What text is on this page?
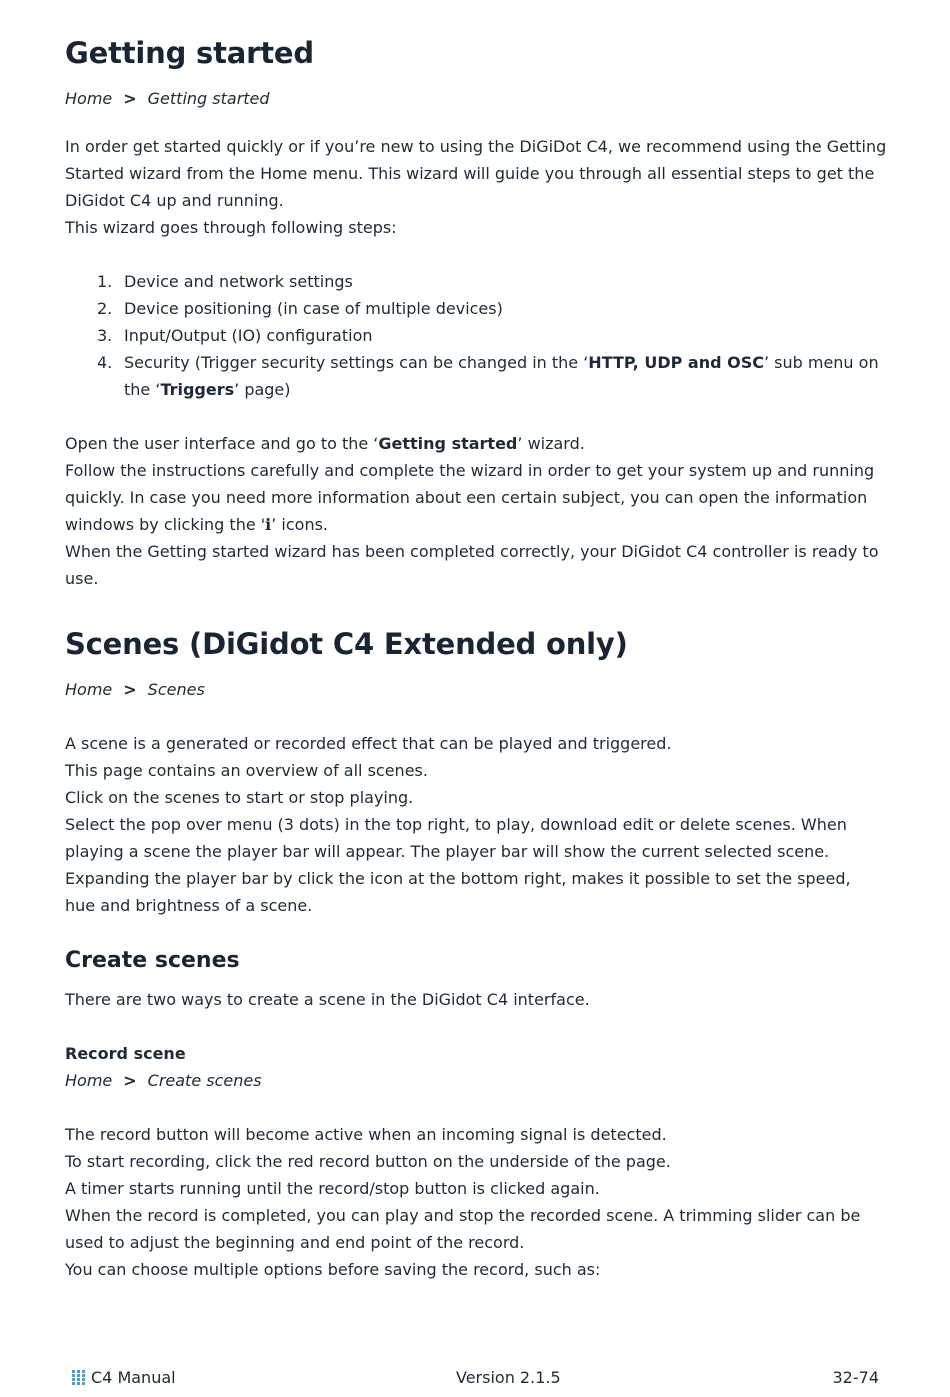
Getting started
Home > Getting started
In order get started quickly or if you’re new to using the DiGiDot C4, we recommend using the Getting
Started wizard from the Home menu. This wizard will guide you through all essential steps to get the
DiGidot C4 up and running.
This wizard goes through following steps:
1. Device and network settings
2. Device positioning (in case of multiple devices)
3. Input/Output (IO) configuration
4. Security (Trigger security settings can be changed in the ‘HTTP, UDP and OSC’ sub menu on
the ‘Triggers’ page)
Open the user interface and go to the ‘Getting started’ wizard.
Follow the instructions carefully and complete the wizard in order to get your system up and running
quickly. In case you need more information about een certain subject, you can open the information
windows by clicking the 'i’ icons.
When the Getting started wizard has been completed correctly, your DiGidot C4 controller is ready to
use.
Scenes (DiGidot C4 Extended only)
Home > Scenes
A scene is a generated or recorded effect that can be played and triggered.
This page contains an overview of all scenes.
Click on the scenes to start or stop playing.
Select the pop over menu (3 dots) in the top right, to play, download edit or delete scenes. When
playing a scene the player bar will appear. The player bar will show the current selected scene.
Expanding the player bar by click the icon at the bottom right, makes it possible to set the speed,
hue and brightness of a scene.
Create scenes
There are two ways to create a scene in the DiGidot C4 interface.
Record scene
Home > Create scenes
The record button will become active when an incoming signal is detected.
To start recording, click the red record button on the underside of the page.
A timer starts running until the record/stop button is clicked again.
When the record is completed, you can play and stop the recorded scene. A trimming slider can be
used to adjust the beginning and end point of the record.
You can choose multiple options before saving the record, such as:
C4 Manual	Version 2.1.5	32-74
